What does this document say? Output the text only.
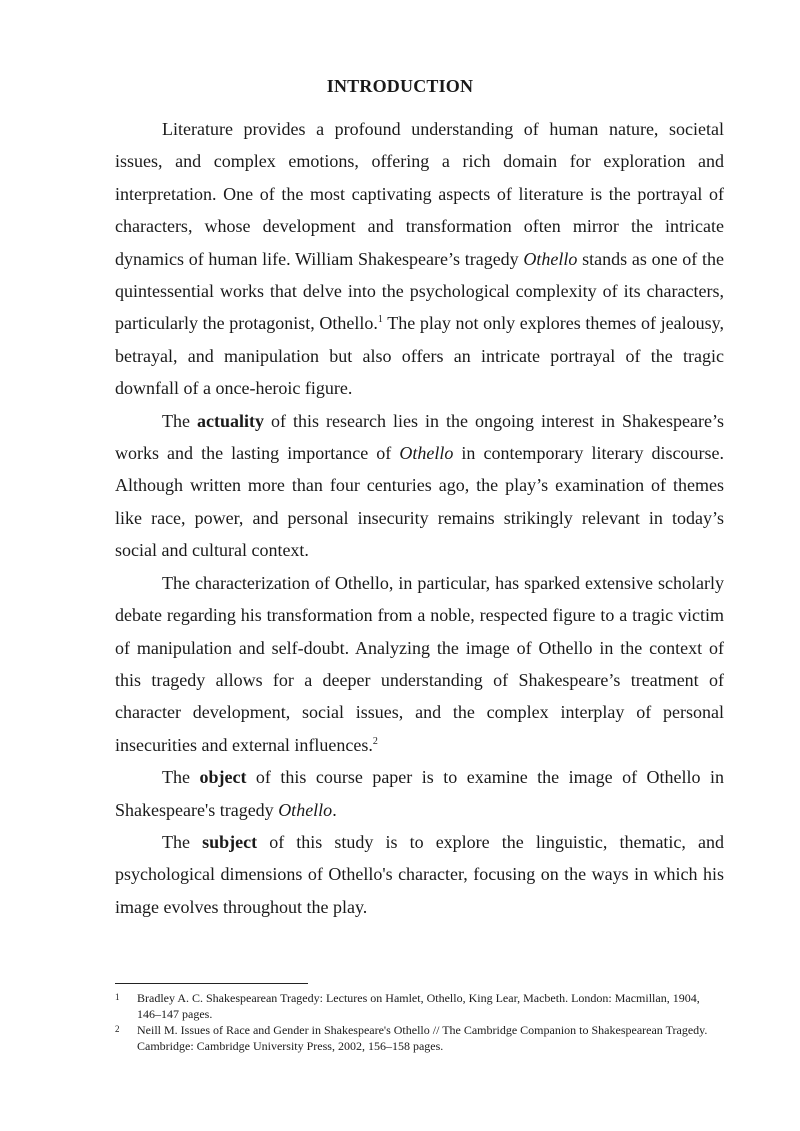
INTRODUCTION

Literature provides a profound understanding of human nature, societal issues, and complex emotions, offering a rich domain for exploration and interpretation. One of the most captivating aspects of literature is the portrayal of characters, whose development and transformation often mirror the intricate dynamics of human life. William Shakespeare’s tragedy Othello stands as one of the quintessential works that delve into the psychological complexity of its characters, particularly the protagonist, Othello.$^1$ The play not only explores themes of jealousy, betrayal, and manipulation but also offers an intricate portrayal of the tragic downfall of a once-heroic figure.

The actuality of this research lies in the ongoing interest in Shakespeare’s works and the lasting importance of Othello in contemporary literary discourse. Although written more than four centuries ago, the play’s examination of themes like race, power, and personal insecurity remains strikingly relevant in today’s social and cultural context.

The characterization of Othello, in particular, has sparked extensive scholarly debate regarding his transformation from a noble, respected figure to a tragic victim of manipulation and self-doubt. Analyzing the image of Othello in the context of this tragedy allows for a deeper understanding of Shakespeare’s treatment of character development, social issues, and the complex interplay of personal insecurities and external influences.$^2$

The object of this course paper is to examine the image of Othello in Shakespeare's tragedy Othello.

The subject of this study is to explore the linguistic, thematic, and psychological dimensions of Othello's character, focusing on the ways in which his image evolves throughout the play.

1	Bradley A. C. Shakespearean Tragedy: Lectures on Hamlet, Othello, King Lear, Macbeth. London: Macmillan, 1904, 146–147 pages.
2	Neill M. Issues of Race and Gender in Shakespeare's Othello // The Cambridge Companion to Shakespearean Tragedy. Cambridge: Cambridge University Press, 2002, 156–158 pages.
